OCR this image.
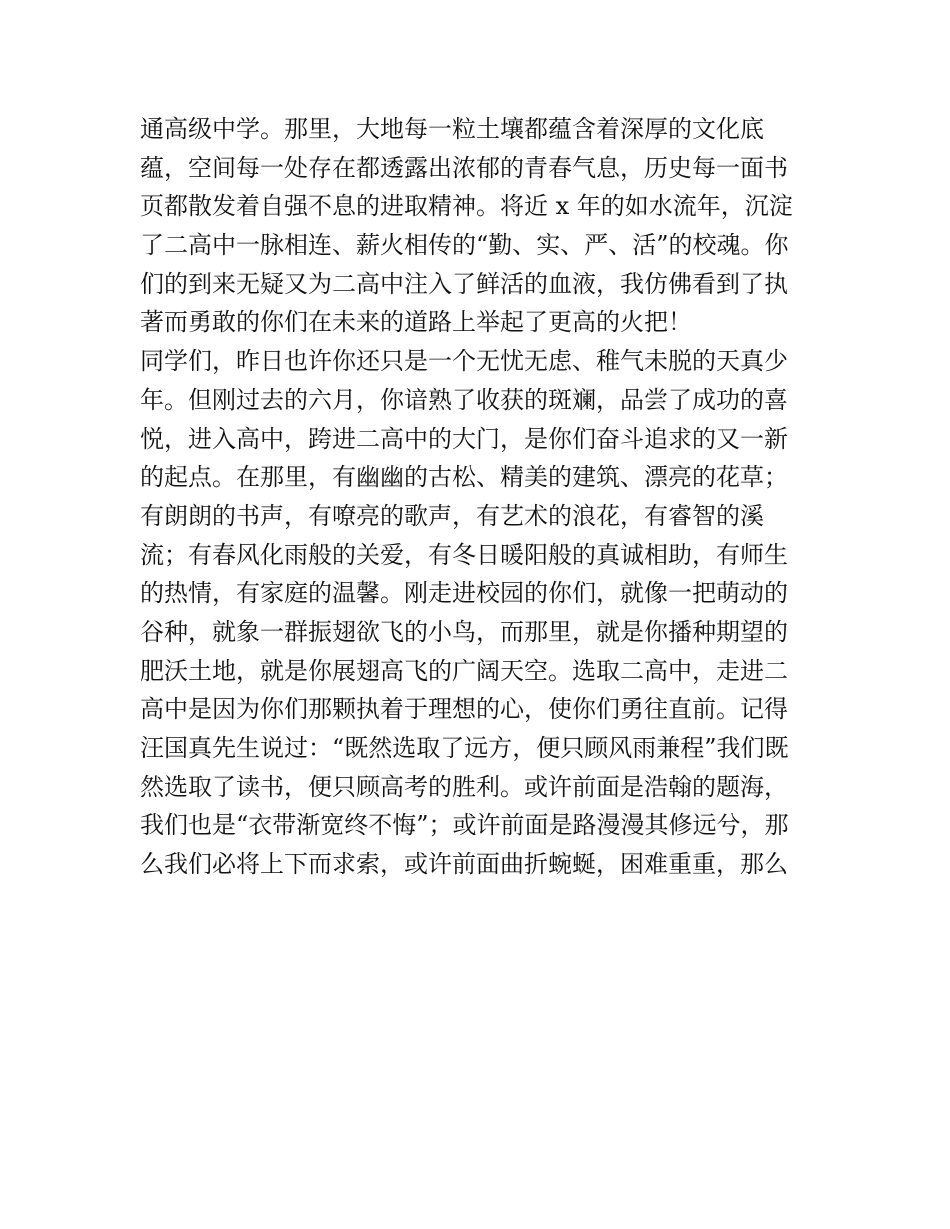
通高级中学。那里，大地每一粒土壤都蕴含着深厚的文化底
蕴，空间每一处存在都透露出浓郁的青春气息，历史每一面书
页都散发着自强不息的进取精神。将近 x 年的如水流年，沉淀
了二高中一脉相连、薪火相传的“勤、实、严、活”的校魂。你
们的到来无疑又为二高中注入了鲜活的血液，我仿佛看到了执
著而勇敢的你们在未来的道路上举起了更高的火把！
同学们，昨日也许你还只是一个无忧无虑、稚气未脱的天真少
年。但刚过去的六月，你谙熟了收获的斑斓，品尝了成功的喜
悦，进入高中，跨进二高中的大门，是你们奋斗追求的又一新
的起点。在那里，有幽幽的古松、精美的建筑、漂亮的花草；
有朗朗的书声，有嘹亮的歌声，有艺术的浪花，有睿智的溪
流；有春风化雨般的关爱，有冬日暖阳般的真诚相助，有师生
的热情，有家庭的温馨。刚走进校园的你们，就像一把萌动的
谷种，就象一群振翅欲飞的小鸟，而那里，就是你播种期望的
肥沃土地，就是你展翅高飞的广阔天空。选取二高中，走进二
高中是因为你们那颗执着于理想的心，使你们勇往直前。记得
汪国真先生说过：“既然选取了远方，便只顾风雨兼程”我们既
然选取了读书，便只顾高考的胜利。或许前面是浩翰的题海，
我们也是“衣带渐宽终不悔”；或许前面是路漫漫其修远兮，那
么我们必将上下而求索，或许前面曲折蜿蜒，困难重重，那么
